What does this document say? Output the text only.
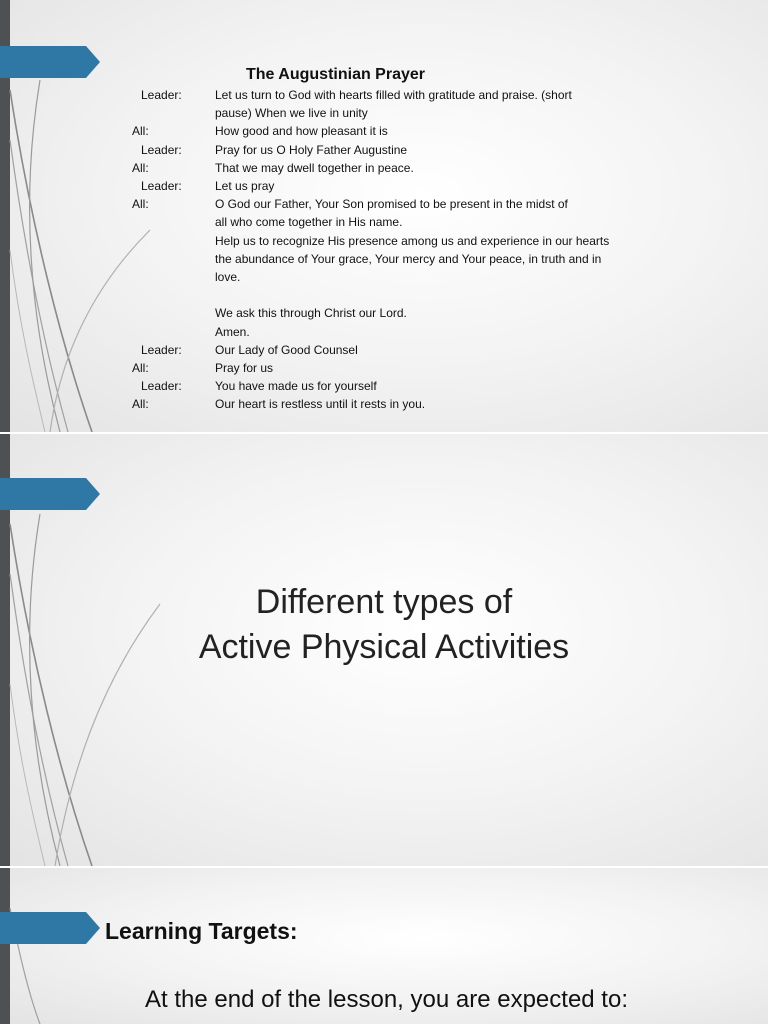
The Augustinian Prayer
Leader:	Let us turn to God with hearts filled with gratitude and praise. (short
pause) When we live in unity
All:	How good and how pleasant it is
Leader:	Pray for us O Holy Father Augustine
All:	That we may dwell together in peace.
Leader:	Let us pray
All:	O God our Father, Your Son promised to be present in the midst of
all who come together in His name.
Help us to recognize His presence among us and experience in our hearts
the abundance of Your grace, Your mercy and Your peace, in truth and in
love.
We ask this through Christ our Lord.
Amen.
Leader:	Our Lady of Good Counsel
All:	Pray for us
Leader:	You have made us for yourself
All:	Our heart is restless until it rests in you.
Different types of
Active Physical Activities
Learning Targets:
At the end of the lesson, you are expected to:
